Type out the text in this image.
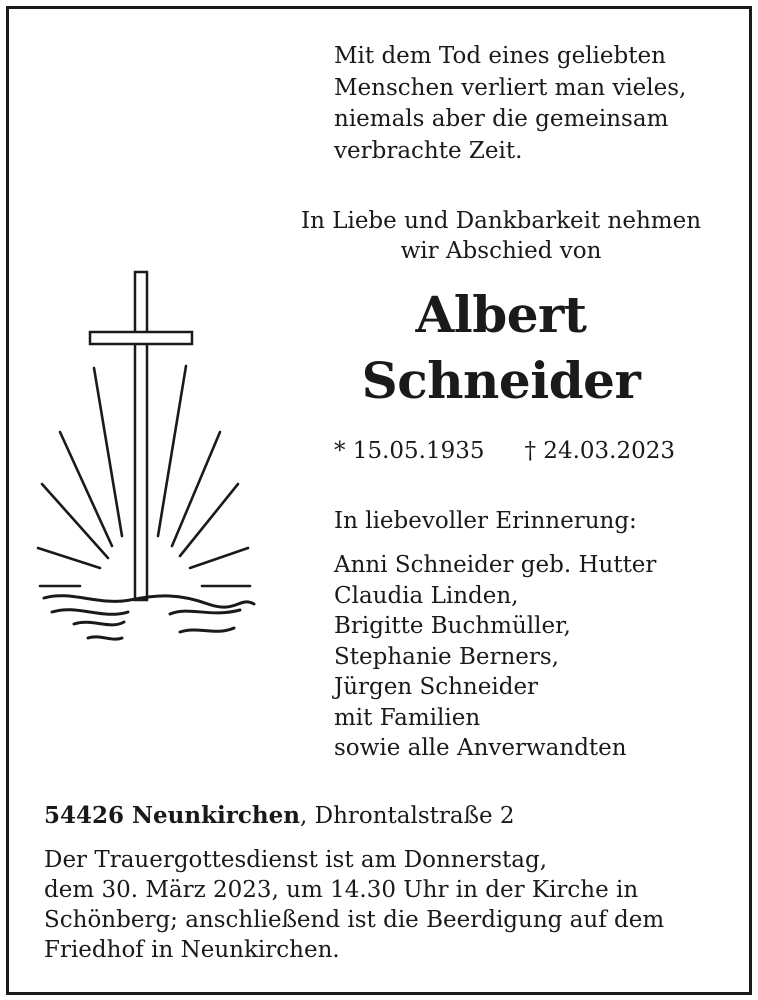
Mit dem Tod eines geliebten
Menschen verliert man vieles,
niemals aber die gemeinsam
verbrachte Zeit.
In Liebe und Dankbarkeit nehmen
wir Abschied von
Albert
Schneider
* 15.05.1935 † 24.03.2023
In liebevoller Erinnerung:
Anni Schneider geb. Hutter
Claudia Linden,
Brigitte Buchmüller,
Stephanie Berners,
Jürgen Schneider
mit Familien
sowie alle Anverwandten
54426 Neunkirchen, Dhrontalstraße 2
Der Trauergottesdienst ist am Donnerstag,
dem 30. März 2023, um 14.30 Uhr in der Kirche in
Schönberg; anschließend ist die Beerdigung auf dem
Friedhof in Neunkirchen.
